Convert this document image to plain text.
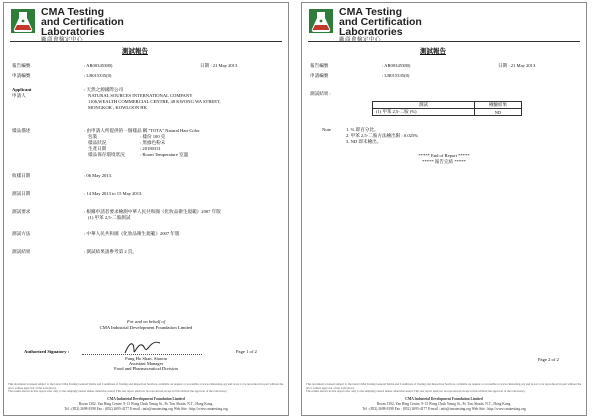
CMA Testing
and Certification
Laboratories
廠商會檢定中心
測試報告
報告編號	: AR00345380)	日期 : 21 May 2013
申請編號	: LR015335(0)
Applicant
申請人
: 天然之源國際公司
NATURAL SOURCES INTERNATIONAL COMPANY
1106,WEALTH COMMERCIAL CENTRE, 48 KWONG WA STREET,
MONGKOK , KOWLOON HK
樣品描述	: 由申請人所提供的一個樣品 稱 "TOTA" Natural Hair Color
包裝	: 樣份 100 克
樣品狀況	: 黑綠色粉末
生產日期	: 20180331
樣品保存環境狀況	: Room Temperature 室溫
收樣日期	: 06 May 2013.
測試日期	: 14 May 2013 to 15 May 2013.
測試要求	: 根據申請者要求檢測中華人民共和國《化妝品衛生規範》2007 年版
(1) 甲苯 2,5-二胺測試
測試方法	: 中華人民共和國《化妝品衛生規範》2007 年版
測試結果	: 測試結果請參考第 2 頁。
For and on behalf of
CMA Industrial Development Foundation Limited
Authorized Signatory :	Page 1 of 2
Fung Ho Shan, Sharon
Assistant Manager
Food and Pharmaceutical Division
This document is issued subject to the latest CMA Testing General Terms and Conditions of Testing and Inspection Services, available on request or accessible at www.cmatesting.org and is not to be reproduced in part without the prior written approval of the Laboratory.
The results shown in this report refer only to the sample(s) tested unless otherwise stated. This test report shall not be reproduced except in full without the approval of the Laboratory.
CMA Industrial Development Foundation Limited
Room 1302, Yan Hing Centre, 9-13 Wong Chuk Yeung St., Fo Tan, Shatin, N.T., Hong Kong.
Tel : (852) 2698-8198 Fax : (852) 2695-4177 E-mail : info@cmatesting.org Web Site : http://www.cmatesting.org
CMA Testing
and Certification
Laboratories
廠商會檢定中心
測試報告
報告編號	: AR00345380)	日期 : 21 May 2013
申請編號	: LR015335(0)
測試結果 :
測試	檢驗結果
(1) 甲苯 2,5-二胺 (%)	ND
Note	1. % 即百分比。
2. 甲苯 2,5-二胺方法檢出限 : 0.025%
3. ND 即未檢出。
***** End of Report *****
***** 報告完結 *****
Page 2 of 2
This document is issued subject to the latest CMA Testing General Terms and Conditions of Testing and Inspection Services, available on request or accessible at www.cmatesting.org and is not to be reproduced in part without the prior written approval of the Laboratory.
The results shown in this report refer only to the sample(s) tested unless otherwise stated. This test report shall not be reproduced except in full without the approval of the Laboratory.
CMA Industrial Development Foundation Limited
Room 1302, Yan Hing Centre, 9-13 Wong Chuk Yeung St., Fo Tan, Shatin, N.T., Hong Kong.
Tel : (852) 2698-8198 Fax : (852) 2695-4177 E-mail : info@cmatesting.org Web Site : http://www.cmatesting.org
